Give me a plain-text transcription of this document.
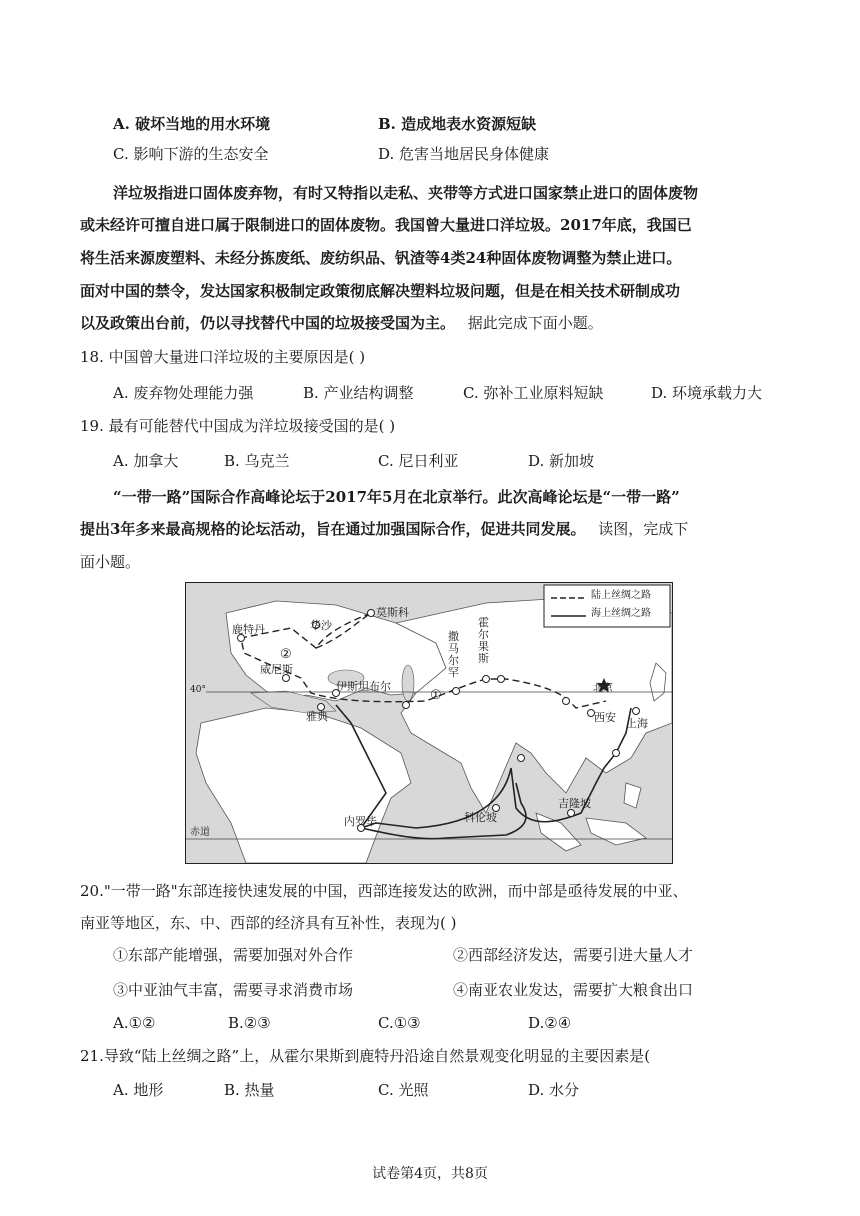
A. 破坏当地的用水环境	B. 造成地表水资源短缺
C. 影响下游的生态安全	D. 危害当地居民身体健康
洋垃圾指进口固体废弃物，有时又特指以走私、夹带等方式进口国家禁止进口的固体废物
或未经许可擅自进口属于限制进口的固体废物。我国曾大量进口洋垃圾。2017年底，我国已
将生活来源废塑料、未经分拣废纸、废纺织品、钒渣等4类24种固体废物调整为禁止进口。
面对中国的禁令，发达国家积极制定政策彻底解决塑料垃圾问题，但是在相关技术研制成功
以及政策出台前，仍以寻找替代中国的垃圾接受国为主。 据此完成下面小题。
18. 中国曾大量进口洋垃圾的主要原因是( )
A. 废弃物处理能力强	B. 产业结构调整	C. 弥补工业原料短缺	D. 环境承载力大
19. 最有可能替代中国成为洋垃圾接受国的是( )
A. 加拿大	B. 乌克兰	C. 尼日利亚	D. 新加坡
“一带一路”国际合作高峰论坛于2017年5月在北京举行。此次高峰论坛是“一带一路”
提出3年多来最高规格的论坛活动，旨在通过加强国际合作，促进共同发展。 读图，完成下
面小题。
陆上丝绸之路
海上丝绸之路
莫斯科
鹿特丹	华沙
威尼斯
伊斯坦布尔
雅典
撒
马
尔
罕
霍
尔
果
斯
北京
西安 上海
内罗毕	科伦坡
吉隆坡
赤道
40°	①
②
20."一带一路"东部连接快速发展的中国，西部连接发达的欧洲，而中部是亟待发展的中亚、
南亚等地区，东、中、西部的经济具有互补性，表现为( )
①东部产能增强，需要加强对外合作	②西部经济发达，需要引进大量人才
③中亚油气丰富，需要寻求消费市场	④南亚农业发达，需要扩大粮食出口
A.①②	B.②③	C.①③	D.②④
21.导致“陆上丝绸之路”上，从霍尔果斯到鹿特丹沿途自然景观变化明显的主要因素是(
A. 地形	B. 热量	C. 光照	D. 水分
试卷第4页，共8页
